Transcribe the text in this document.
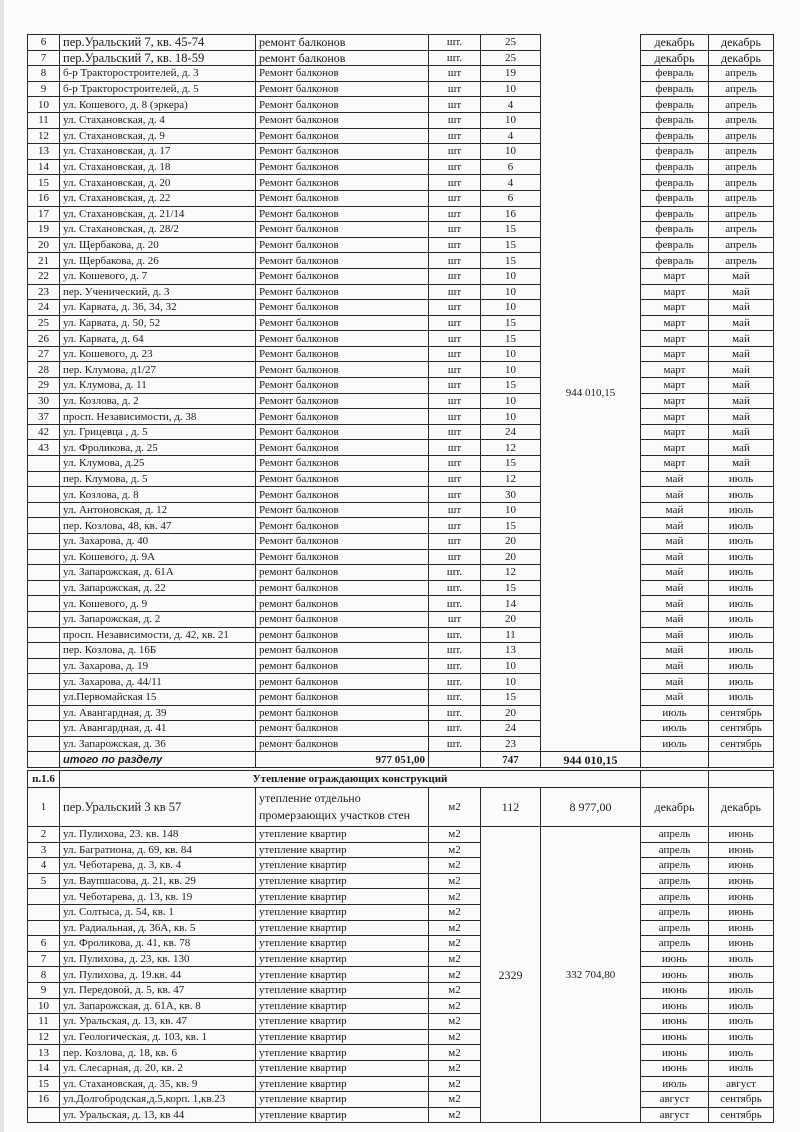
6	пер.Уральский 7, кв. 45-74	ремонт балконов	шт.	25	944 010,15	декабрь	декабрь
7	пер.Уральский 7, кв. 18-59	ремонт балконов	шт.	25		декабрь	декабрь
8	б-р Тракторостроителей, д. 3	Ремонт балконов	шт	19		февраль	апрель
9	б-р Тракторостроителей, д. 5	Ремонт балконов	шт	10		февраль	апрель
10	ул. Кошевого, д. 8 (эркера)	Ремонт балконов	шт	4		февраль	апрель
11	ул. Стахановская, д. 4	Ремонт балконов	шт	10		февраль	апрель
12	ул. Стахановская, д. 9	Ремонт балконов	шт	4		февраль	апрель
13	ул. Стахановская, д. 17	Ремонт балконов	шт	10		февраль	апрель
14	ул. Стахановская, д. 18	Ремонт балконов	шт	6		февраль	апрель
15	ул. Стахановская, д. 20	Ремонт балконов	шт	4		февраль	апрель
16	ул. Стахановская, д. 22	Ремонт балконов	шт	6		февраль	апрель
17	ул. Стахановская, д. 21/14	Ремонт балконов	шт	16		февраль	апрель
19	ул. Стахановская, д. 28/2	Ремонт балконов	шт	15		февраль	апрель
20	ул. Щербакова, д. 20	Ремонт балконов	шт	15		февраль	апрель
21	ул. Щербакова, д. 26	Ремонт балконов	шт	15		февраль	апрель
22	ул. Кошевого, д. 7	Ремонт балконов	шт	10		март	май
23	пер. Ученический, д. 3	Ремонт балконов	шт	10		март	май
24	ул. Карвата, д. 36, 34, 32	Ремонт балконов	шт	10		март	май
25	ул. Карвата, д. 50, 52	Ремонт балконов	шт	15		март	май
26	ул. Карвата, д. 64	Ремонт балконов	шт	15		март	май
27	ул. Кошевого, д. 23	Ремонт балконов	шт	10		март	май
28	пер. Клумова, д1/27	Ремонт балконов	шт	10		март	май
29	ул. Клумова, д. 11	Ремонт балконов	шт	15		март	май
30	ул. Козлова, д. 2	Ремонт балконов	шт	10		март	май
37	просп. Независимости, д. 38	Ремонт балконов	шт	10		март	май
42	ул. Грицевца , д. 5	Ремонт балконов	шт	24		март	май
43	ул. Фроликова, д. 25	Ремонт балконов	шт	12		март	май
	ул. Клумова, д.25	Ремонт балконов	шт	15		март	май
	пер. Клумова, д. 5	Ремонт балконов	шт	12		май	июль
	ул. Козлова, д. 8	Ремонт балконов	шт	30		май	июль
	ул. Антоновская, д. 12	Ремонт балконов	шт	10		май	июль
	пер. Козлова, 48, кв. 47	Ремонт балконов	шт	15		май	июль
	ул. Захарова, д. 40	Ремонт балконов	шт	20		май	июль
	ул. Кошевого, д. 9А	Ремонт балконов	шт	20		май	июль
	ул. Запарожская, д. 61А	ремонт балконов	шт.	12		май	июль
	ул. Запарожская, д. 22	ремонт балконов	шт.	15		май	июль
	ул. Кошевого, д. 9	ремонт балконов	шт.	14		май	июль
	ул. Запарожская, д. 2	ремонт балконов	шт	20		май	июль
	просп. Независимости, д. 42, кв. 21	ремонт балконов	шт.	11		май	июль
	пер. Козлова, д. 16Б	ремонт балконов	шт.	13		май	июль
	ул. Захарова, д. 19	ремонт балконов	шт.	10		май	июль
	ул. Захарова, д. 44/11	ремонт балконов	шт.	10		май	июль
	ул.Первомайская 15	ремонт балконов	шт.	15		май	июль
	ул. Авангардная, д. 39	ремонт балконов	шт.	20		июль	сентябрь
	ул. Авангардная, д. 41	ремонт балконов	шт.	24		июль	сентябрь
	ул. Запарожская, д. 36	ремонт балконов	шт.	23		июль	сентябрь
	итого по разделу	977 051,00		747	944 010,15		
п.1.6	Утепление ограждающих конструкций						
1	пер.Уральский 3 кв 57	утепление отдельно промерзающих участков стен	м2	112	8 977,00	декабрь	декабрь
2	ул. Пулихова, 23. кв. 148	утепление квартир	м2	2329	332 704,80	апрель	июнь
3	ул. Багратиона, д. 69, кв. 84	утепление квартир	м2			апрель	июнь
4	ул. Чеботарева, д. 3, кв. 4	утепление квартир	м2			апрель	июнь
5	ул. Ваупшасова, д. 21, кв. 29	утепление квартир	м2			апрель	июнь
	ул. Чеботарева, д. 13, кв. 19	утепление квартир	м2			апрель	июнь
	ул. Солтыса, д. 54, кв. 1	утепление квартир	м2			апрель	июнь
	ул. Радиальная, д. 36А, кв. 5	утепление квартир	м2			апрель	июнь
6	ул. Фроликова, д. 41, кв. 78	утепление квартир	м2			апрель	июнь
7	ул. Пулихова, д. 23, кв. 130	утепление квартир	м2			июнь	июль
8	ул. Пулихова, д. 19.кв. 44	утепление квартир	м2			июнь	июль
9	ул. Передовой, д. 5, кв. 47	утепление квартир	м2			июнь	июль
10	ул. Запарожская, д. 61А, кв. 8	утепление квартир	м2			июнь	июль
11	ул. Уральская, д. 13, кв. 47	утепление квартир	м2			июнь	июль
12	ул. Геологическая, д. 103, кв. 1	утепление квартир	м2			июнь	июль
13	пер. Козлова, д. 18, кв. 6	утепление квартир	м2			июнь	июль
14	ул. Слесарная, д. 20, кв. 2	утепление квартир	м2			июнь	июль
15	ул. Стахановская, д. 35, кв. 9	утепление квартир	м2			июль	август
16	ул.Долгобродская,д.5,корп. 1,кв.23	утепление квартир	м2			август	сентябрь
	ул. Уральская, д. 13, кв 44	утепление квартир	м2			август	сентябрь
